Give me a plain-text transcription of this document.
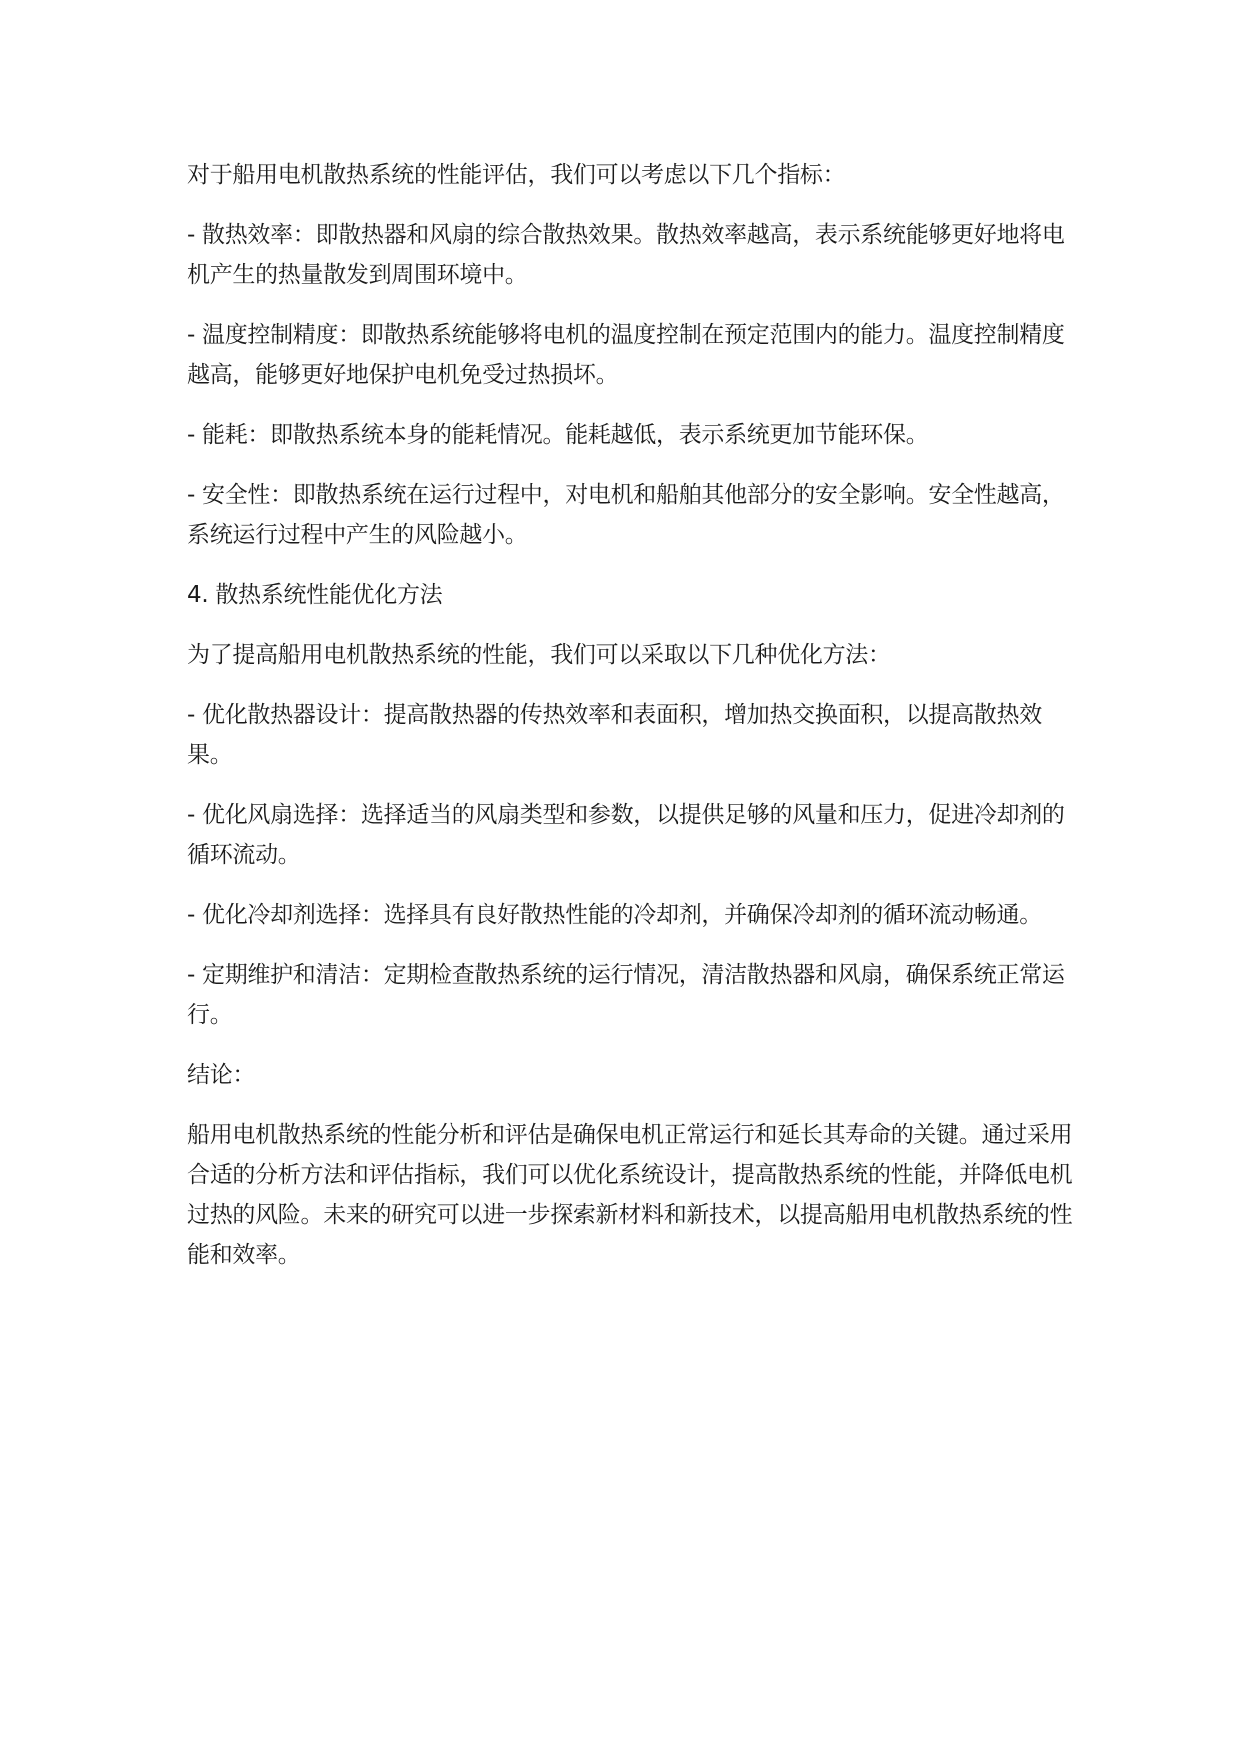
对于船用电机散热系统的性能评估，我们可以考虑以下几个指标：

- 散热效率：即散热器和风扇的综合散热效果。散热效率越高，表示系统能够更好地将电机产生的热量散发到周围环境中。

- 温度控制精度：即散热系统能够将电机的温度控制在预定范围内的能力。温度控制精度越高，能够更好地保护电机免受过热损坏。

- 能耗：即散热系统本身的能耗情况。能耗越低，表示系统更加节能环保。

- 安全性：即散热系统在运行过程中，对电机和船舶其他部分的安全影响。安全性越高，系统运行过程中产生的风险越小。

4. 散热系统性能优化方法

为了提高船用电机散热系统的性能，我们可以采取以下几种优化方法：

- 优化散热器设计：提高散热器的传热效率和表面积，增加热交换面积，以提高散热效果。

- 优化风扇选择：选择适当的风扇类型和参数，以提供足够的风量和压力，促进冷却剂的循环流动。

- 优化冷却剂选择：选择具有良好散热性能的冷却剂，并确保冷却剂的循环流动畅通。

- 定期维护和清洁：定期检查散热系统的运行情况，清洁散热器和风扇，确保系统正常运行。

结论：

船用电机散热系统的性能分析和评估是确保电机正常运行和延长其寿命的关键。通过采用合适的分析方法和评估指标，我们可以优化系统设计，提高散热系统的性能，并降低电机过热的风险。未来的研究可以进一步探索新材料和新技术，以提高船用电机散热系统的性能和效率。
